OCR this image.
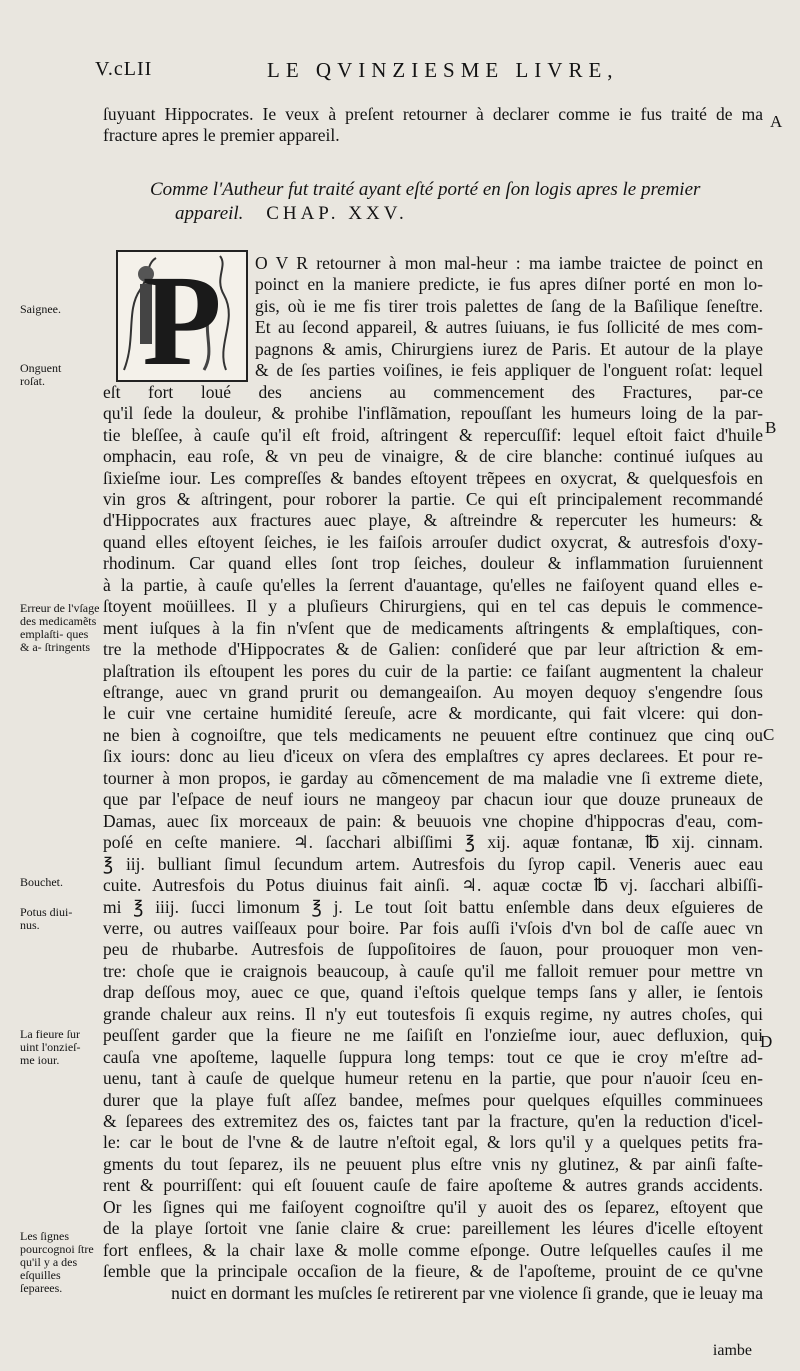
V.cLII	LE QVINZIESME LIVRE,
ſuyuant Hippocrates. Ie veux à preſent retourner à declarer comme ie fus traité de ma
fracture apres le premier appareil.
A
Comme l'Autheur fut traité ayant eſté porté en ſon logis apres le premier
appareil. CHAP. XXV.
P O V R retourner à mon mal-heur : ma iambe traictee de poinct en
poinct en la maniere predicte, ie fus apres diſner porté en mon lo-
gis, où ie me fis tirer trois palettes de ſang de la Baſilique ſeneſtre.
Et au ſecond appareil, & autres ſuiuans, ie fus ſollicité de mes com-
pagnons & amis, Chirurgiens iurez de Paris. Et autour de la playe
& de ſes parties voiſines, ie feis appliquer de l'onguent roſat: lequel
eſt fort loué des anciens au commencement des Fractures, par-ce
qu'il ſede la douleur, & prohibe l'inflãmation, repouſſant les humeurs loing de la par-
tie bleſſee, à cauſe qu'il eſt froid, aſtringent & repercuſſif: lequel eſtoit faict d'huile
omphacin, eau roſe, & vn peu de vinaigre, & de cire blanche: continué iuſques au
ſixieſme iour. Les compreſſes & bandes eſtoyent trẽpees en oxycrat, & quelquesfois en
vin gros & aſtringent, pour roborer la partie. Ce qui eſt principalement recommandé
d'Hippocrates aux fractures auec playe, & aſtreindre & repercuter les humeurs: &
quand elles eſtoyent ſeiches, ie les faiſois arrouſer dudict oxycrat, & autresfois d'oxy-
rhodinum. Car quand elles ſont trop ſeiches, douleur & inflammation ſuruiennent
à la partie, à cauſe qu'elles la ſerrent d'auantage, qu'elles ne faiſoyent quand elles e-
ſtoyent moüillees. Il y a pluſieurs Chirurgiens, qui en tel cas depuis le commence-
ment iuſques à la fin n'vſent que de medicaments aſtringents & emplaſtiques, con-
tre la methode d'Hippocrates & de Galien: conſideré que par leur aſtriction & em-
plaſtration ils eſtoupent les pores du cuir de la partie: ce faiſant augmentent la chaleur
eſtrange, auec vn grand prurit ou demangeaiſon. Au moyen dequoy s'engendre ſous
le cuir vne certaine humidité ſereuſe, acre & mordicante, qui fait vlcere: qui don-
ne bien à cognoiſtre, que tels medicaments ne peuuent eſtre continuez que cinq ou
ſix iours: donc au lieu d'iceux on vſera des emplaſtres cy apres declarees. Et pour re-
tourner à mon propos, ie garday au cõmencement de ma maladie vne ſi extreme diete,
que par l'eſpace de neuf iours ne mangeoy par chacun iour que douze pruneaux de
Damas, auec ſix morceaux de pain: & beuuois vne chopine d'hippocras d'eau, com-
poſé en ceſte maniere. ♃. ſacchari albiſſimi ℥ xij. aquæ fontanæ, ℔ xij. cinnam.
℥ iij. bulliant ſimul ſecundum artem. Autresfois du ſyrop capil. Veneris auec eau
cuite. Autresfois du Potus diuinus fait ainſi. ♃. aquæ coctæ ℔ vj. ſacchari albiſſi-
mi ℥ iiij. ſucci limonum ℥ j. Le tout ſoit battu enſemble dans deux eſguieres de
verre, ou autres vaiſſeaux pour boire. Par fois auſſi i'vſois d'vn bol de caſſe auec vn
peu de rhubarbe. Autresfois de ſuppoſitoires de ſauon, pour prouoquer mon ven-
tre: choſe que ie craignois beaucoup, à cauſe qu'il me falloit remuer pour mettre vn
drap deſſous moy, auec ce que, quand i'eſtois quelque temps ſans y aller, ie ſentois
grande chaleur aux reins. Il n'y eut toutesfois ſi exquis regime, ny autres choſes, qui
peuſſent garder que la fieure ne me ſaiſiſt en l'onzieſme iour, auec defluxion, qui
cauſa vne apoſteme, laquelle ſuppura long temps: tout ce que ie croy m'eſtre ad-
uenu, tant à cauſe de quelque humeur retenu en la partie, que pour n'auoir ſceu en-
durer que la playe fuſt aſſez bandee, meſmes pour quelques eſquilles comminuees
& ſeparees des extremitez des os, faictes tant par la fracture, qu'en la reduction d'icel-
le: car le bout de l'vne & de lautre n'eſtoit egal, & lors qu'il y a quelques petits fra-
gments du tout ſeparez, ils ne peuuent plus eſtre vnis ny glutinez, & par ainſi faſte-
rent & pourriſſent: qui eſt ſouuent cauſe de faire apoſteme & autres grands accidents.
Or les ſignes qui me faiſoyent cognoiſtre qu'il y auoit des os ſeparez, eſtoyent que
de la playe ſortoit vne ſanie claire & crue: pareillement les léures d'icelle eſtoyent
fort enflees, & la chair laxe & molle comme eſponge. Outre leſquelles cauſes il me
ſemble que la principale occaſion de la fieure, & de l'apoſteme, prouint de ce qu'vne
nuict en dormant les muſcles ſe retirerent par vne violence ſi grande, que ie leuay ma
B
C
D
Saignee.
Onguent roſat.
Erreur de l'vſage des medicamẽts emplaſti- ques & a- ſtringents
Bouchet.
Potus diui- nus.
La fieure ſur uint l'onzieſ- me iour.
Les ſignes pourcognoi ſtre qu'il y a des eſquilles ſeparees.
iambe
